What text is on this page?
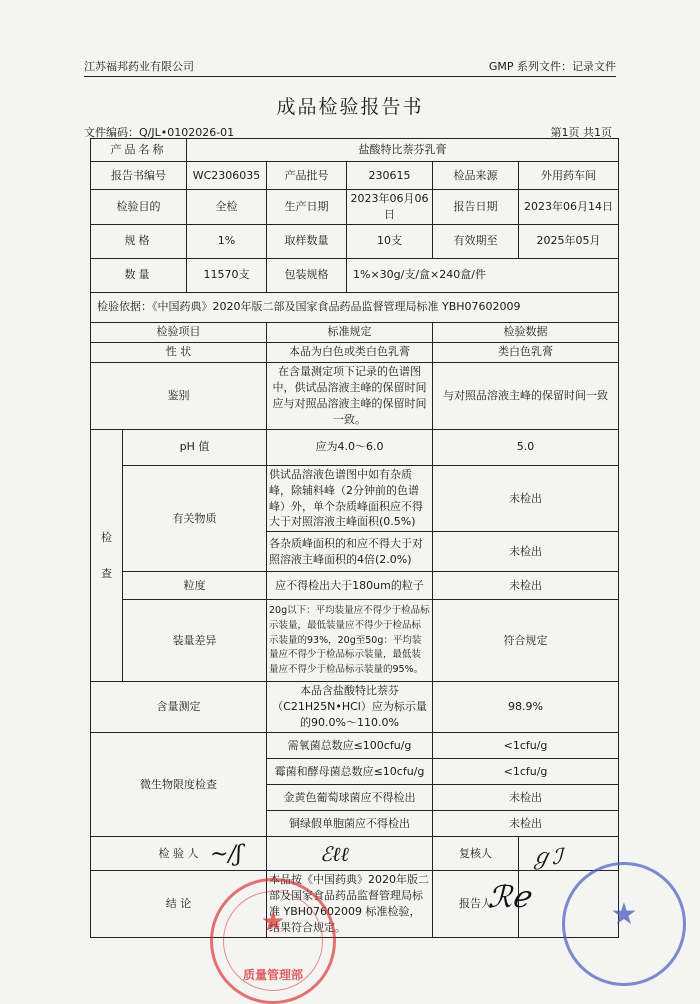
江苏福邦药业有限公司	GMP 系列文件：记录文件
成品检验报告书
文件编码：Q/JL•0102026-01	第1页 共1页
产品名称		盐酸特比萘芬乳膏				
报告书编号		WC2306035	产品批号	230615	检品来源	外用药车间
检验目的		全检	生产日期	2023年06月06日	报告日期	2023年06月14日
规格		1%	取样数量	10支	有效期至	2025年05月
数量		11570支	包装规格	1%×30g/支/盒×240盒/件		
检验依据：《中国药典》2020年版二部及国家食品药品监督管理局标准 YBH07602009						
检验项目			标准规定		检验数据	
性 状			本品为白色或类白色乳膏		类白色乳膏	
鉴别			在含量测定项下记录的色谱图中，供试品溶液主峰的保留时间应与对照品溶液主峰的保留时间一致。		与对照品溶液主峰的保留时间一致	
检
查	pH 值		应为4.0～6.0		5.0	
	有关物质		供试品溶液色谱图中如有杂质峰，除辅料峰（2分钟前的色谱峰）外，单个杂质峰面积应不得大于对照溶液主峰面积(0.5%)		未检出	
			各杂质峰面积的和应不得大于对照溶液主峰面积的4倍(2.0%)		未检出	
	粒度		应不得检出大于180um的粒子		未检出	
	装量差异		20g以下：平均装量应不得少于检品标示装量，最低装量应不得少于检品标示装量的93%，20g至50g：平均装量应不得少于检品标示装量，最低装量应不得少于检品标示装量的95%。		符合规定	
含量测定			本品含盐酸特比萘芬（C21H25N•HCl）应为标示量的90.0%～110.0%		98.9%	
微生物限度检查			需氧菌总数应≤100cfu/g		<1cfu/g	
			霉菌和酵母菌总数应≤10cfu/g		<1cfu/g	
			金黄色葡萄球菌应不得检出		未检出	
			铜绿假单胞菌应不得检出		未检出	
检 验 人					复核人	
结 论			本品按《中国药典》2020年版二部及国家食品药品监督管理局标准 YBH07602009 标准检验，结果符合规定。		报告人	
~/ʃ	ℰℓℓ	ℊℐ
ℛℯ
★
质量管理部
★
